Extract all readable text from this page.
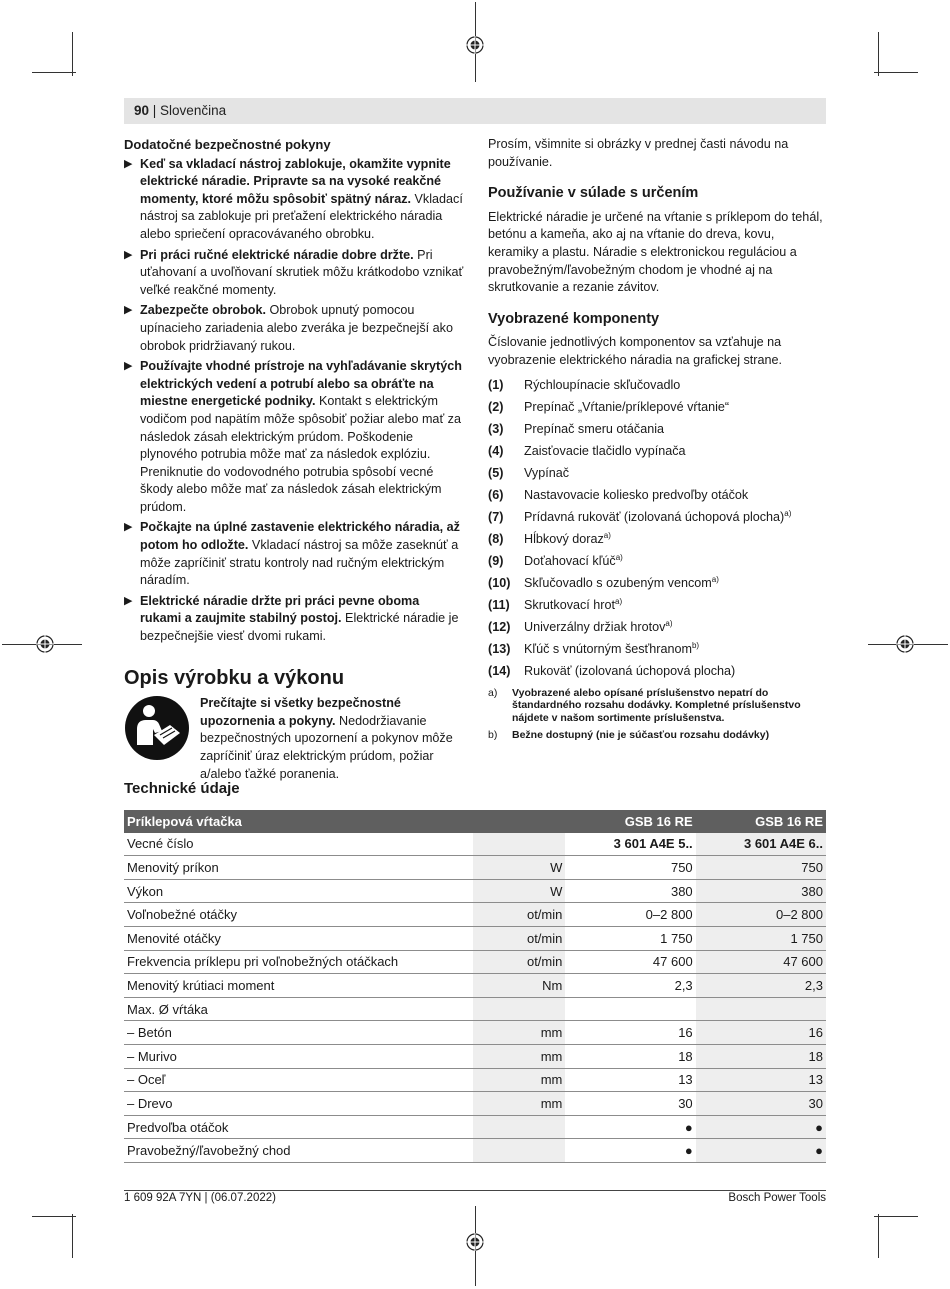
90 | Slovenčina
Dodatočné bezpečnostné pokyny
▶ Keď sa vkladací nástroj zablokuje, okamžite vypnite elektrické náradie. Pripravte sa na vysoké reakčné momenty, ktoré môžu spôsobiť spätný náraz. Vkladací nástroj sa zablokuje pri preťažení elektrického náradia alebo spriečení opracovávaného obrobku.
▶ Pri práci ručné elektrické náradie dobre držte. Pri uťahovaní a uvoľňovaní skrutiek môžu krátkodobo vznikať veľké reakčné momenty.
▶ Zabezpečte obrobok. Obrobok upnutý pomocou upínacieho zariadenia alebo zveráka je bezpečnejší ako obrobok pridržiavaný rukou.
▶ Používajte vhodné prístroje na vyhľadávanie skrytých elektrických vedení a potrubí alebo sa obráťte na miestne energetické podniky. Kontakt s elektrickým vodičom pod napätím môže spôsobiť požiar alebo mať za následok zásah elektrickým prúdom. Poškodenie plynového potrubia môže mať za následok explóziu. Preniknutie do vodovodného potrubia spôsobí vecné škody alebo môže mať za následok zásah elektrickým prúdom.
▶ Počkajte na úplné zastavenie elektrického náradia, až potom ho odložte. Vkladací nástroj sa môže zaseknúť a môže zapríčiniť stratu kontroly nad ručným elektrickým náradím.
▶ Elektrické náradie držte pri práci pevne oboma rukami a zaujmite stabilný postoj. Elektrické náradie je bezpečnejšie viesť dvomi rukami.
Opis výrobku a výkonu
Prečítajte si všetky bezpečnostné upozornenia a pokyny. Nedodržiavanie bezpečnostných upozornení a pokynov môže zapríčiniť úraz elektrickým prúdom, požiar a/alebo ťažké poranenia.
Prosím, všimnite si obrázky v prednej časti návodu na používanie.
Používanie v súlade s určením
Elektrické náradie je určené na vŕtanie s príklepom do tehál, betónu a kameňa, ako aj na vŕtanie do dreva, kovu, keramiky a plastu. Náradie s elektronickou reguláciou a pravobežným/ľavobežným chodom je vhodné aj na skrutkovanie a rezanie závitov.
Vyobrazené komponenty
Číslovanie jednotlivých komponentov sa vzťahuje na vyobrazenie elektrického náradia na grafickej strane.
(1)	Rýchloupínacie skľučovadlo
(2)	Prepínač „Vŕtanie/príklepové vŕtanie“
(3)	Prepínač smeru otáčania
(4)	Zaisťovacie tlačidlo vypínača
(5)	Vypínač
(6)	Nastavovacie koliesko predvoľby otáčok
(7)	Prídavná rukoväť (izolovaná úchopová plocha)$^{a)}$
(8)	Hĺbkový doraz$^{a)}$
(9)	Doťahovací kľúč$^{a)}$
(10)	Skľučovadlo s ozubeným vencom$^{a)}$
(11)	Skrutkovací hrot$^{a)}$
(12)	Univerzálny držiak hrotov$^{a)}$
(13)	Kľúč s vnútorným šesťhranom$^{b)}$
(14)	Rukoväť (izolovaná úchopová plocha)
a)	Vyobrazené alebo opísané príslušenstvo nepatrí do štandardného rozsahu dodávky. Kompletné príslušenstvo nájdete v našom sortimente príslušenstva.
b)	Bežne dostupný (nie je súčasťou rozsahu dodávky)
Technické údaje
Príklepová vŕtačka		GSB 16 RE	GSB 16 RE
Vecné číslo		3 601 A4E 5..	3 601 A4E 6..
Menovitý príkon	W	750	750
Výkon	W	380	380
Voľnobežné otáčky	ot/min	0–2 800	0–2 800
Menovité otáčky	ot/min	1 750	1 750
Frekvencia príklepu pri voľnobežných otáčkach	ot/min	47 600	47 600
Menovitý krútiaci moment	Nm	2,3	2,3
Max. Ø vŕtáka			
– Betón	mm	16	16
– Murivo	mm	18	18
– Oceľ	mm	13	13
– Drevo	mm	30	30
Predvoľba otáčok		●	●
Pravobežný/ľavobežný chod		●	●
1 609 92A 7YN | (06.07.2022)	Bosch Power Tools
